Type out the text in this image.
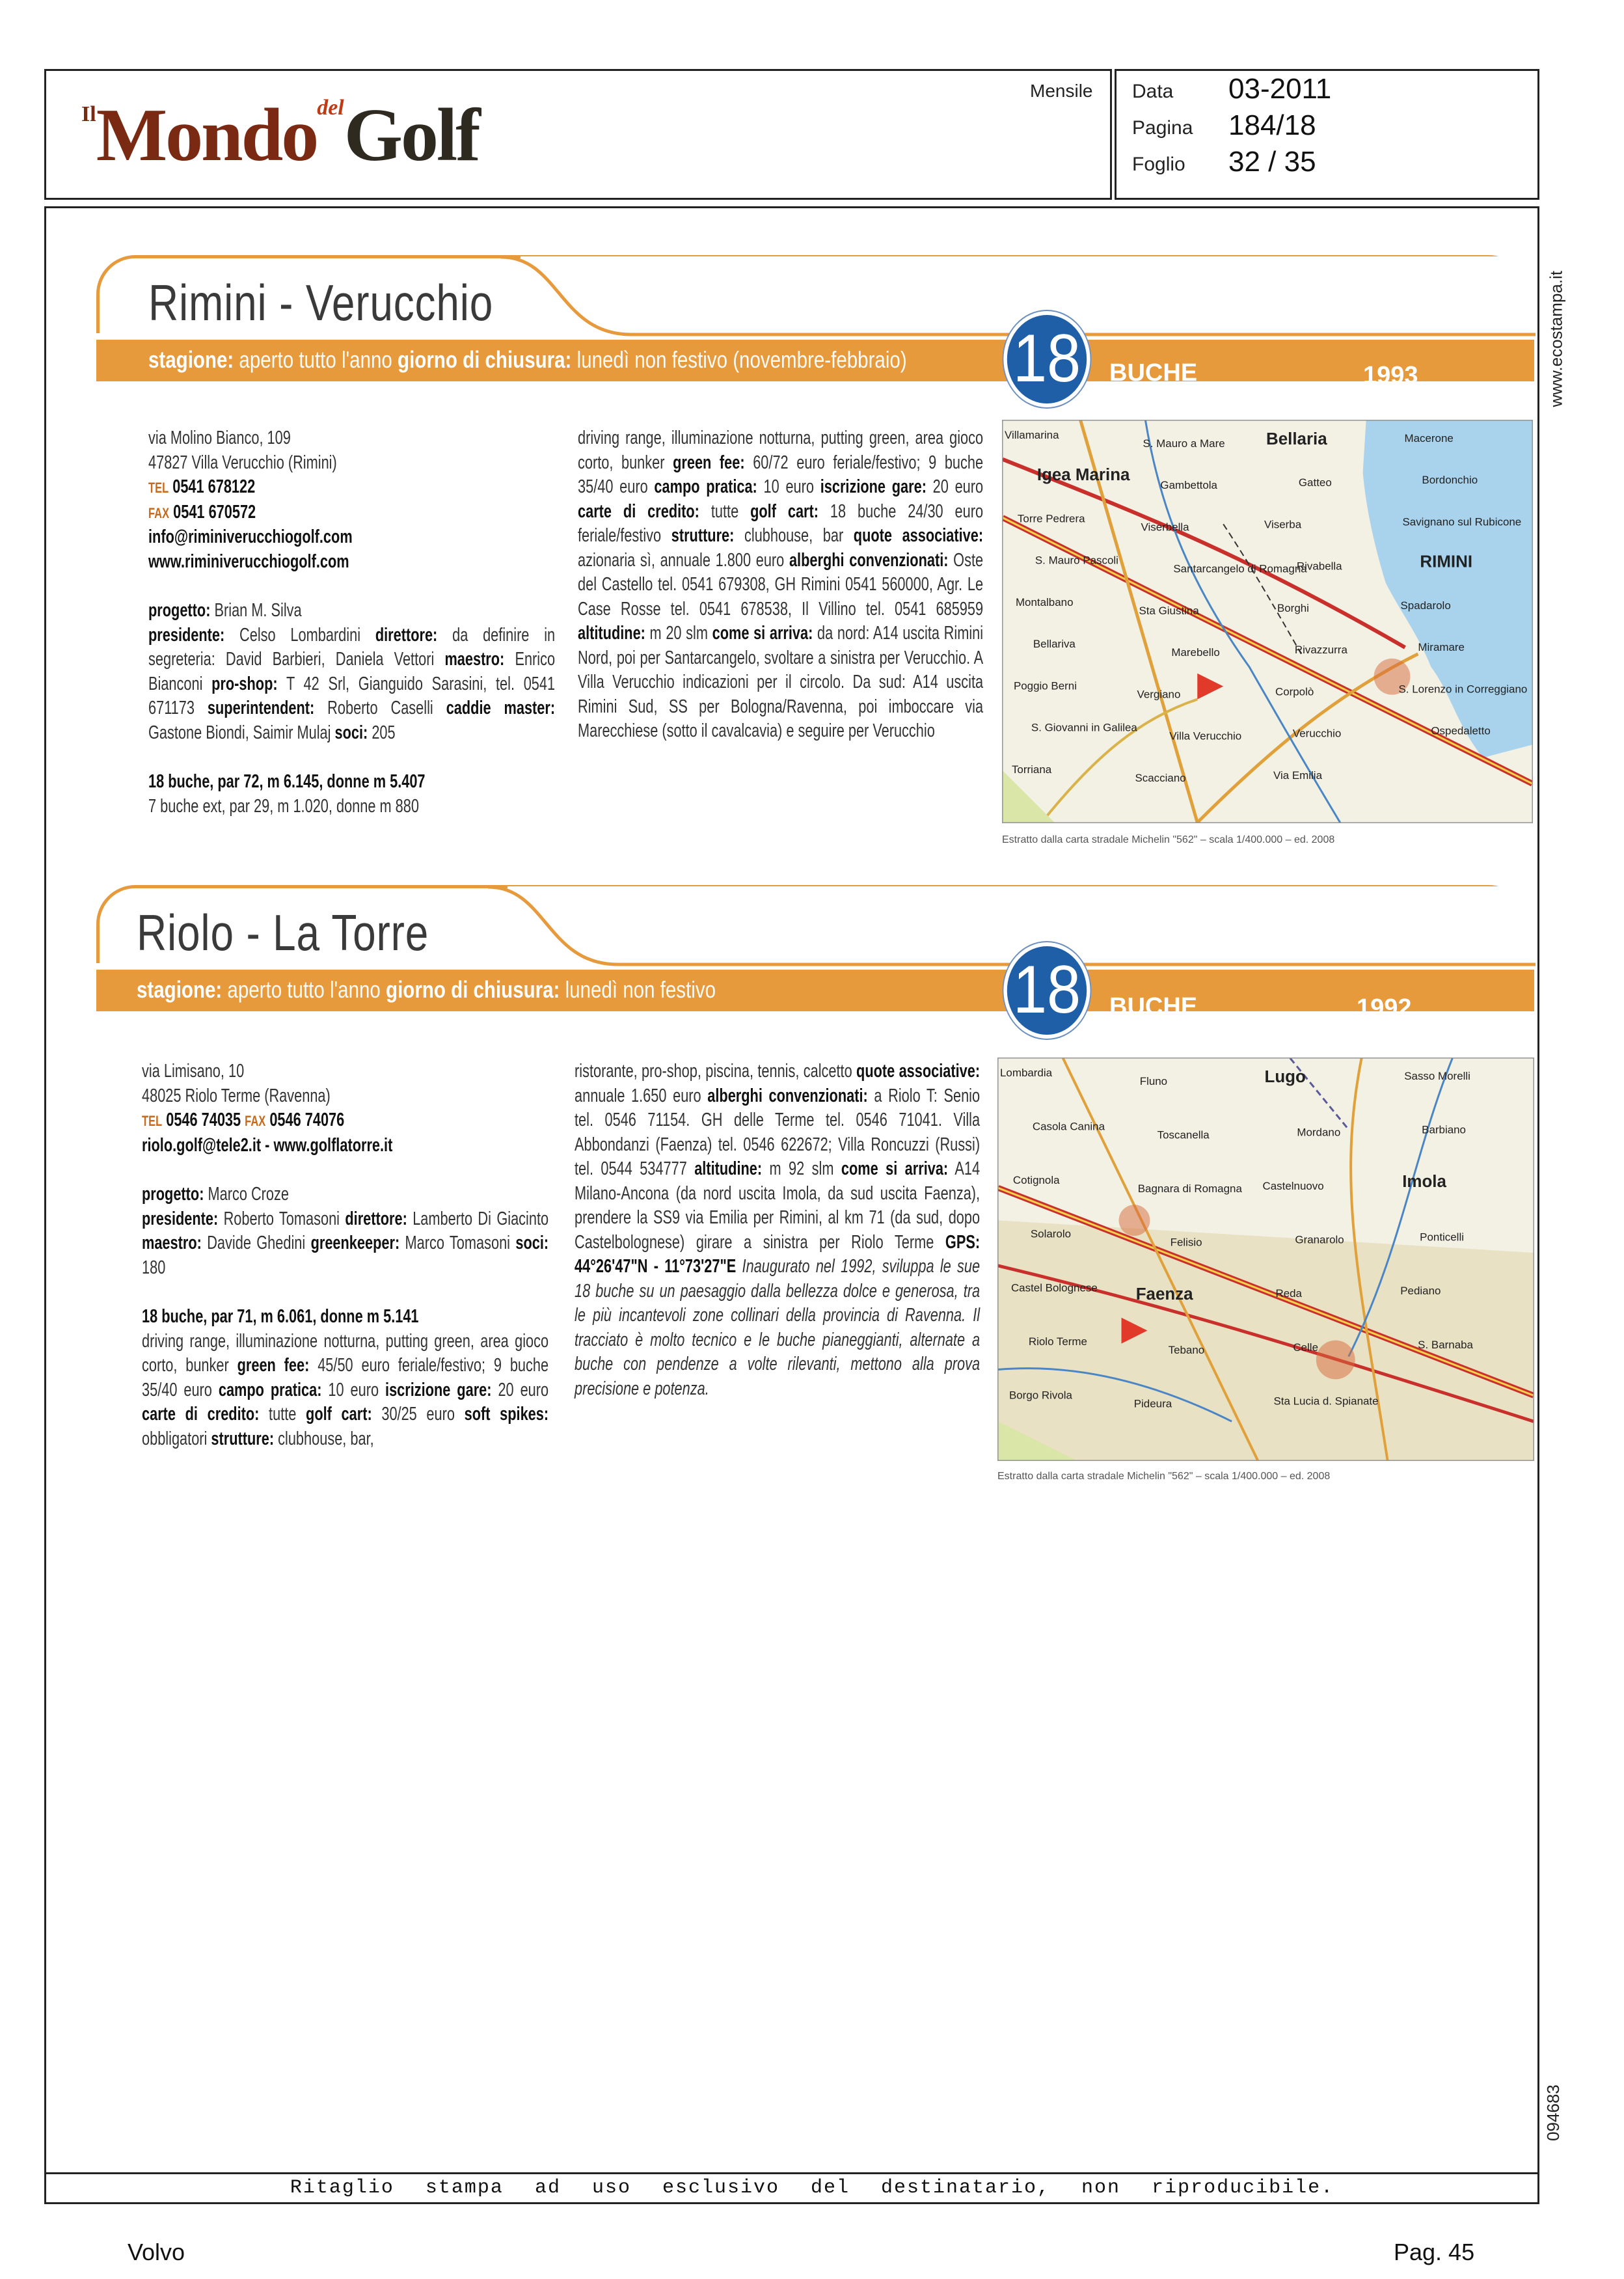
IlMondodelGolf
Mensile Data 03-2011
Pagina 184/18
Foglio 32 / 35
www.ecostampa.it
094683
Rimini - Verucchio
stagione: aperto tutto l'anno giorno di chiusura: lunedì non festivo (novembre-febbraio) 18	BUCHE	1993

via Molino Bianco, 109

47827 Villa Verucchio (Rimini)

TEL 0541 678122

FAX 0541 670572

info@riminiverucchiogolf.com

www.riminiverucchiogolf.com

progetto: Brian M. Silva
presidente: Celso Lombardini direttore: da definire in segreteria: David Barbieri, Daniela Vettori maestro: Enrico Bianconi pro-shop: T 42 Srl, Gianguido Sarasini, tel. 0541 671173 superintendent: Roberto Caselli caddie master: Gastone Biondi, Saimir Mulaj soci: 205

18 buche, par 72, m 6.145, donne m 5.407

7 buche ext, par 29, m 1.020, donne m 880

driving range, illuminazione notturna, putting green, area gioco corto, bunker green fee: 60/72 euro feriale/festivo; 9 buche 35/40 euro campo pratica: 10 euro iscrizione gare: 20 euro carte di credito: tutte golf cart: 18 buche 24/30 euro feriale/festivo strutture: clubhouse, bar quote associative: azionaria sì, annuale 1.800 euro alberghi convenzionati: Oste del Castello tel. 0541 679308, GH Rimini 0541 560000, Agr. Le Case Rosse tel. 0541 678538, Il Villino tel. 0541 685959 altitudine: m 20 slm come si arriva: da nord: A14 uscita Rimini Nord, poi per Santarcangelo, svoltare a sinistra per Verucchio. A Villa Verucchio indicazioni per il circolo. Da sud: A14 uscita Rimini Sud, SS per Bologna/Ravenna, poi imboccare via Marecchiese (sotto il cavalcavia) e seguire per Verucchio
Villamarina
S. Mauro a Mare Bellaria	Macerone
Igea Marina
Gambettola	Gatteo	Bordonchio
Torre Pedrera
Viserbella	Viserba	Savignano sul Rubicone
S. Mauro Pascoli
Santarcangelo di Romagna
Rivabella	RIMINI
Montalbano
Sta Giustina	Borghi	Spadarolo
Bellariva
Marebello	Rivazzurra	Miramare
Poggio Berni
Vergiano	Corpolò	S. Lorenzo in Correggiano
S. Giovanni in Galilea
Villa Verucchio	Verucchio	Ospedaletto
Torriana
Scacciano	Via Emilia
Estratto dalla carta stradale Michelin "562" – scala 1/400.000 – ed. 2008
Riolo - La Torre
stagione: aperto tutto l'anno giorno di chiusura: lunedì non festivo	18	BUCHE	1992

via Limisano, 10

48025 Riolo Terme (Ravenna)

TEL 0546 74035 FAX 0546 74076

riolo.golf@tele2.it - www.golflatorre.it

progetto: Marco Croze
presidente: Roberto Tomasoni direttore: Lamberto Di Giacinto maestro: Davide Ghedini greenkeeper: Marco Tomasoni soci: 180

18 buche, par 71, m 6.061, donne m 5.141

driving range, illuminazione notturna, putting green, area gioco corto, bunker green fee: 45/50 euro feriale/festivo; 9 buche 35/40 euro campo pratica: 10 euro iscrizione gare: 20 euro carte di credito: tutte golf cart: 30/25 euro soft spikes: obbligatori strutture: clubhouse, bar,

ristorante, pro-shop, piscina, tennis, calcetto quote associative: annuale 1.650 euro alberghi convenzionati: a Riolo T: Senio tel. 0546 71154. GH delle Terme tel. 0546 71041. Villa Abbondanzi (Faenza) tel. 0546 622672; Villa Roncuzzi (Russi) tel. 0544 534777 altitudine: m 92 slm come si arriva: A14 Milano-Ancona (da nord uscita Imola, da sud uscita Faenza), prendere la SS9 via Emilia per Rimini, al km 71 (da sud, dopo Castelbolognese) girare a sinistra per Riolo Terme GPS: 44°26'47"N - 11°73'27"E Inaugurato nel 1992, sviluppa le sue 18 buche su un paesaggio dalla bellezza dolce e generosa, tra le più incantevoli zone collinari della provincia di Ravenna. Il tracciato è molto tecnico e le buche pianeggianti, alternate a buche con pendenze a volte rilevanti, mettono alla prova precisione e potenza.
Lombardia
Fluno	Lugo	Sasso Morelli
Casola Canina
Toscanella	Mordano	Barbiano
Cotignola
Bagnara di Romagna Castelnuovo	Imola
Solarolo
Felisio	Granarolo	Ponticelli
Castel Bolognese Faenza	Reda	Pediano
Riolo Terme
Tebano	Celle	S. Barnaba
Borgo Rivola
Pideura	Sta Lucia d. Spianate
Estratto dalla carta stradale Michelin "562" – scala 1/400.000 – ed. 2008
Ritaglio stampa ad uso esclusivo del destinatario, non riproducibile.
Volvo	Pag. 45
